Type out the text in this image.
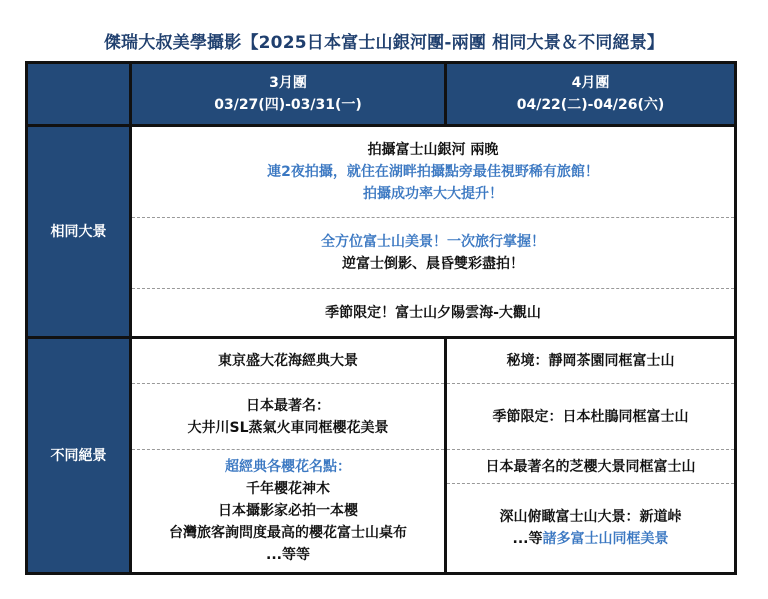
傑瑞大叔美學攝影【2025日本富士山銀河團-兩團 相同大景＆不同絕景】
3月團
03/27(四)-03/31(一)
4月團
04/22(二)-04/26(六)
相同大景
不同絕景
拍攝富士山銀河 兩晚
連2夜拍攝，就住在湖畔拍攝點旁最佳視野稀有旅館！
拍攝成功率大大提升！
全方位富士山美景！一次旅行掌握！
逆富士倒影、晨昏雙彩盡拍！
季節限定！富士山夕陽雲海-大觀山
東京盛大花海經典大景
日本最著名：
大井川SL蒸氣火車同框櫻花美景
超經典各櫻花名點：
千年櫻花神木
日本攝影家必拍一本櫻
台灣旅客詢問度最高的櫻花富士山桌布
...等等
秘境：靜岡茶園同框富士山
季節限定：日本杜鵑同框富士山
日本最著名的芝櫻大景同框富士山
深山俯瞰富士山大景：新道峠
...等諸多富士山同框美景
